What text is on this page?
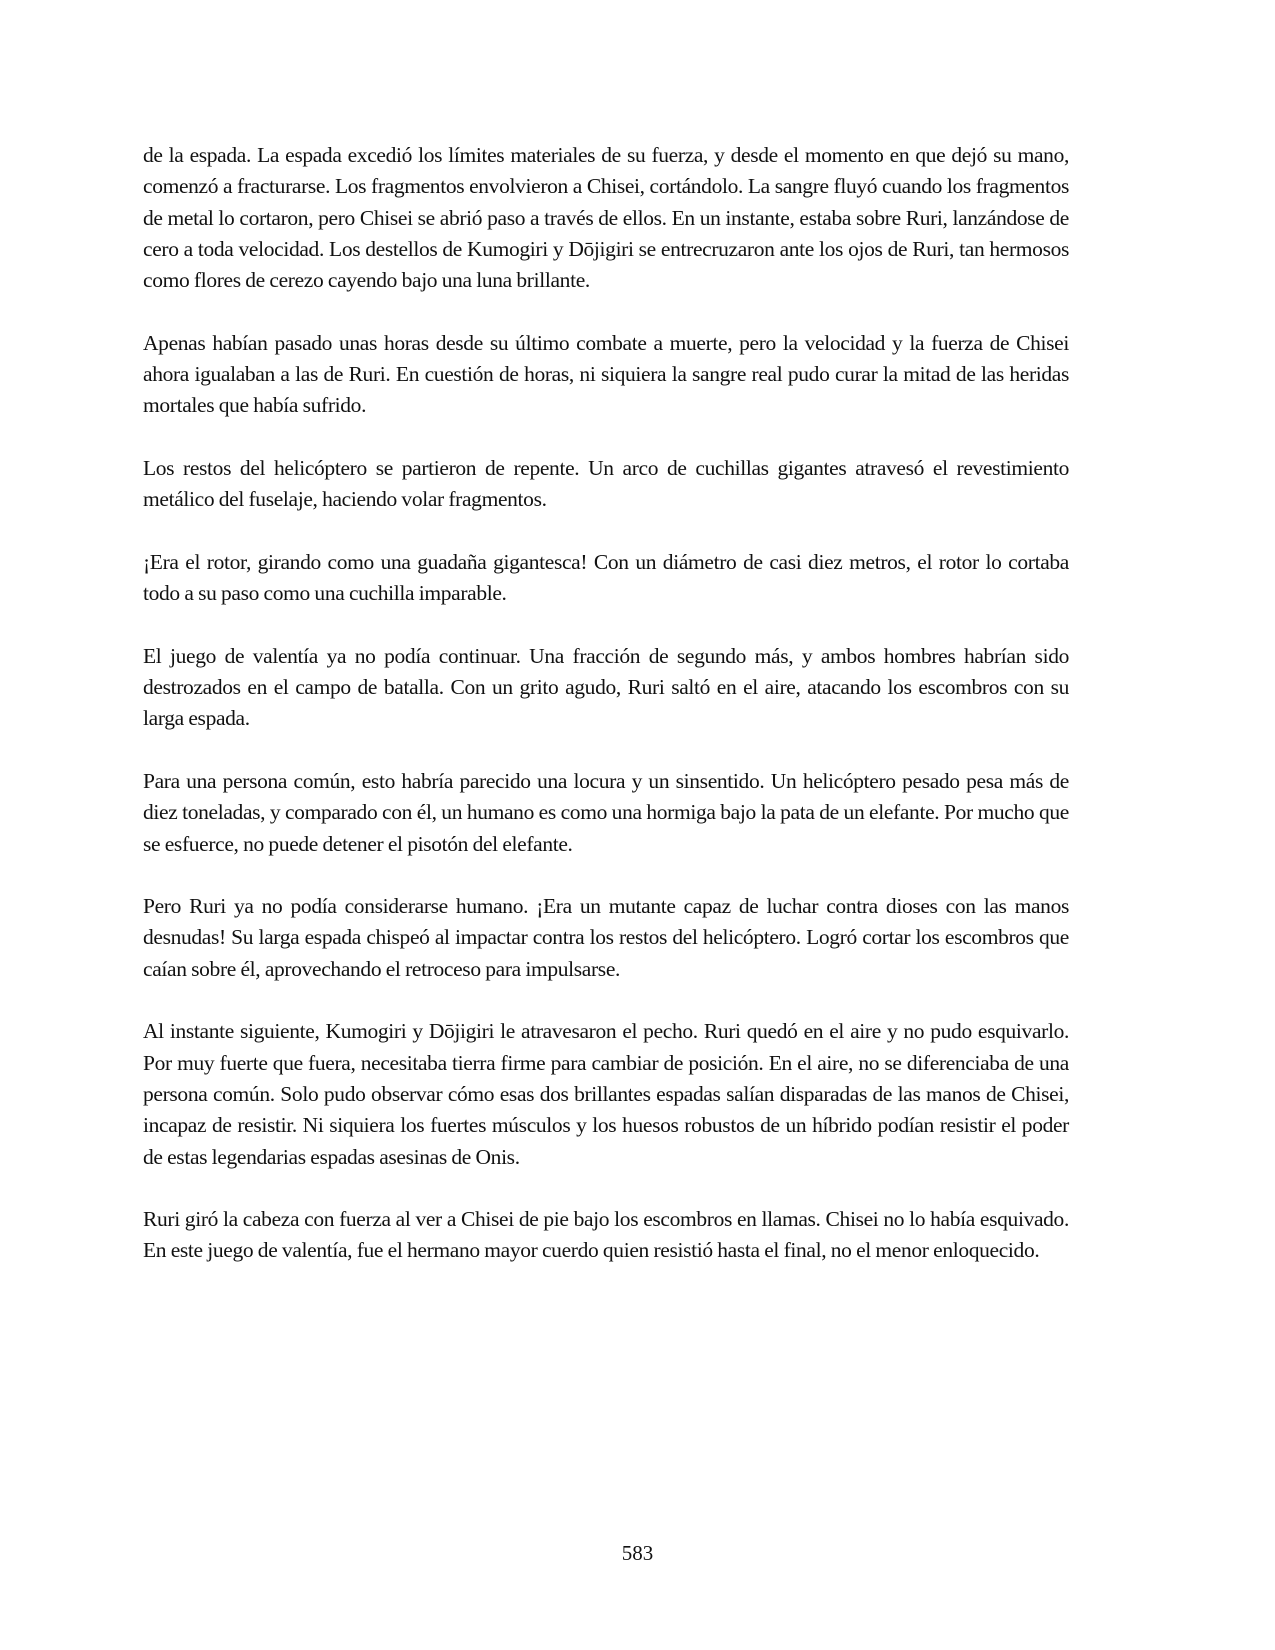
de la espada. La espada excedió los límites materiales de su fuerza, y desde el momento en que dejó su mano, comenzó a fracturarse. Los fragmentos envolvieron a Chisei, cortándolo. La sangre fluyó cuando los fragmentos de metal lo cortaron, pero Chisei se abrió paso a través de ellos. En un instante, estaba sobre Ruri, lanzándose de cero a toda velocidad. Los destellos de Kumogiri y Dōjigiri se entrecruzaron ante los ojos de Ruri, tan hermosos como flores de cerezo cayendo bajo una luna brillante.

Apenas habían pasado unas horas desde su último combate a muerte, pero la velocidad y la fuerza de Chisei ahora igualaban a las de Ruri. En cuestión de horas, ni siquiera la sangre real pudo curar la mitad de las heridas mortales que había sufrido.

Los restos del helicóptero se partieron de repente. Un arco de cuchillas gigantes atravesó el revestimiento metálico del fuselaje, haciendo volar fragmentos.

¡Era el rotor, girando como una guadaña gigantesca! Con un diámetro de casi diez metros, el rotor lo cortaba todo a su paso como una cuchilla imparable.

El juego de valentía ya no podía continuar. Una fracción de segundo más, y ambos hombres habrían sido destrozados en el campo de batalla. Con un grito agudo, Ruri saltó en el aire, atacando los escombros con su larga espada.

Para una persona común, esto habría parecido una locura y un sinsentido. Un helicóptero pesado pesa más de diez toneladas, y comparado con él, un humano es como una hormiga bajo la pata de un elefante. Por mucho que se esfuerce, no puede detener el pisotón del elefante.

Pero Ruri ya no podía considerarse humano. ¡Era un mutante capaz de luchar contra dioses con las manos desnudas! Su larga espada chispeó al impactar contra los restos del helicóptero. Logró cortar los escombros que caían sobre él, aprovechando el retroceso para impulsarse.

Al instante siguiente, Kumogiri y Dōjigiri le atravesaron el pecho. Ruri quedó en el aire y no pudo esquivarlo. Por muy fuerte que fuera, necesitaba tierra firme para cambiar de posición. En el aire, no se diferenciaba de una persona común. Solo pudo observar cómo esas dos brillantes espadas salían disparadas de las manos de Chisei, incapaz de resistir. Ni siquiera los fuertes músculos y los huesos robustos de un híbrido podían resistir el poder de estas legendarias espadas asesinas de Onis.

Ruri giró la cabeza con fuerza al ver a Chisei de pie bajo los escombros en llamas. Chisei no lo había esquivado. En este juego de valentía, fue el hermano mayor cuerdo quien resistió hasta el final, no el menor enloquecido.

583
